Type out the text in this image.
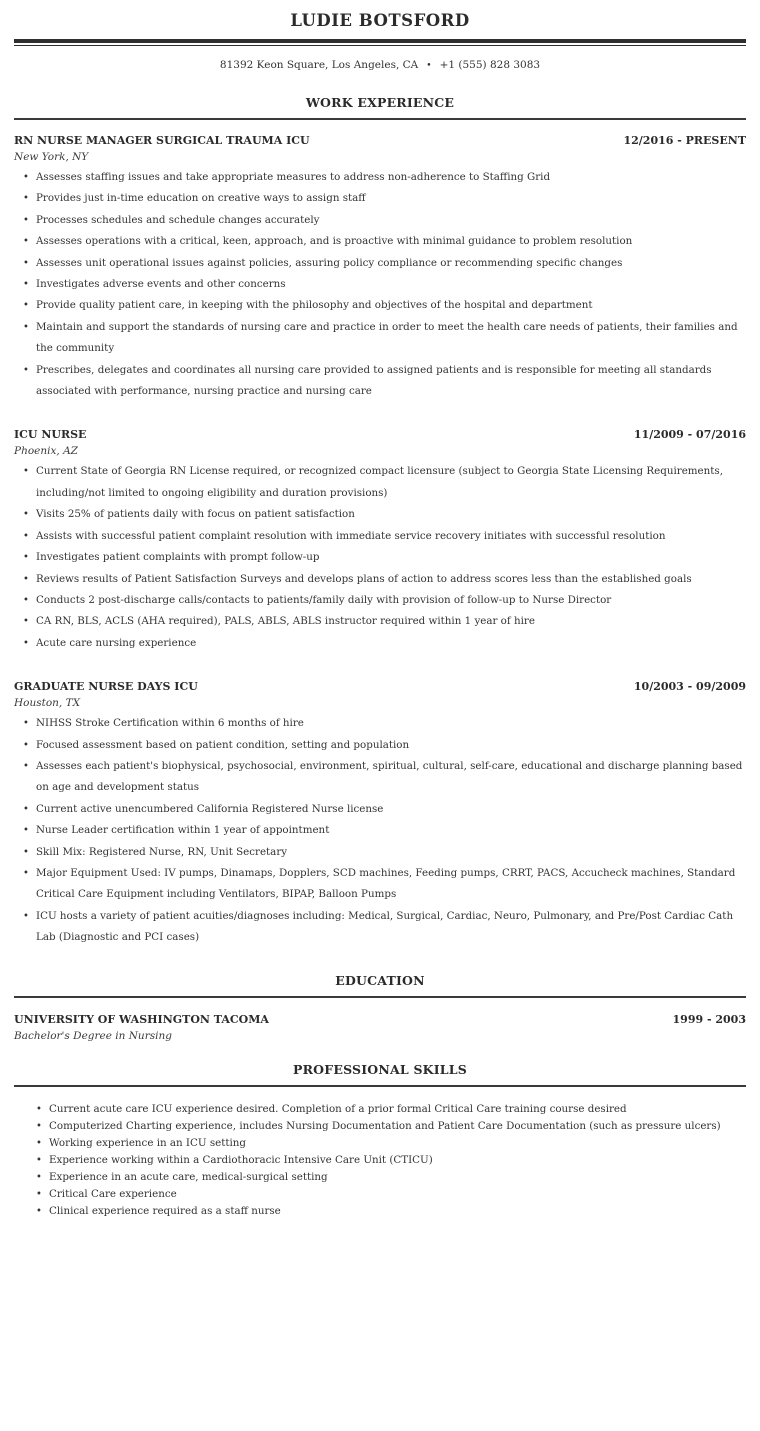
LUDIE BOTSFORD
81392 Keon Square, Los Angeles, CA • +1 (555) 828 3083
WORK EXPERIENCE
RN NURSE MANAGER SURGICAL TRAUMA ICU	12/2016 - PRESENT
New York, NY
• Assesses staffing issues and take appropriate measures to address non-adherence to Staffing Grid
• Provides just in-time education on creative ways to assign staff
• Processes schedules and schedule changes accurately
• Assesses operations with a critical, keen, approach, and is proactive with minimal guidance to problem resolution
• Assesses unit operational issues against policies, assuring policy compliance or recommending specific changes
• Investigates adverse events and other concerns
• Provide quality patient care, in keeping with the philosophy and objectives of the hospital and department
• Maintain and support the standards of nursing care and practice in order to meet the health care needs of patients, their families and the community
• Prescribes, delegates and coordinates all nursing care provided to assigned patients and is responsible for meeting all standards associated with performance, nursing practice and nursing care
ICU NURSE	11/2009 - 07/2016
Phoenix, AZ
• Current State of Georgia RN License required, or recognized compact licensure (subject to Georgia State Licensing Requirements, including/not limited to ongoing eligibility and duration provisions)
• Visits 25% of patients daily with focus on patient satisfaction
• Assists with successful patient complaint resolution with immediate service recovery initiates with successful resolution
• Investigates patient complaints with prompt follow-up
• Reviews results of Patient Satisfaction Surveys and develops plans of action to address scores less than the established goals
• Conducts 2 post-discharge calls/contacts to patients/family daily with provision of follow-up to Nurse Director
• CA RN, BLS, ACLS (AHA required), PALS, ABLS, ABLS instructor required within 1 year of hire
• Acute care nursing experience
GRADUATE NURSE DAYS ICU	10/2003 - 09/2009
Houston, TX
• NIHSS Stroke Certification within 6 months of hire
• Focused assessment based on patient condition, setting and population
• Assesses each patient's biophysical, psychosocial, environment, spiritual, cultural, self-care, educational and discharge planning based on age and development status
• Current active unencumbered California Registered Nurse license
• Nurse Leader certification within 1 year of appointment
• Skill Mix: Registered Nurse, RN, Unit Secretary
• Major Equipment Used: IV pumps, Dinamaps, Dopplers, SCD machines, Feeding pumps, CRRT, PACS, Accucheck machines, Standard Critical Care Equipment including Ventilators, BIPAP, Balloon Pumps
• ICU hosts a variety of patient acuities/diagnoses including: Medical, Surgical, Cardiac, Neuro, Pulmonary, and Pre/Post Cardiac Cath Lab (Diagnostic and PCI cases)
EDUCATION
UNIVERSITY OF WASHINGTON TACOMA	1999 - 2003
Bachelor's Degree in Nursing
PROFESSIONAL SKILLS
• Current acute care ICU experience desired. Completion of a prior formal Critical Care training course desired
• Computerized Charting experience, includes Nursing Documentation and Patient Care Documentation (such as pressure ulcers)
• Working experience in an ICU setting
• Experience working within a Cardiothoracic Intensive Care Unit (CTICU)
• Experience in an acute care, medical-surgical setting
• Critical Care experience
• Clinical experience required as a staff nurse
